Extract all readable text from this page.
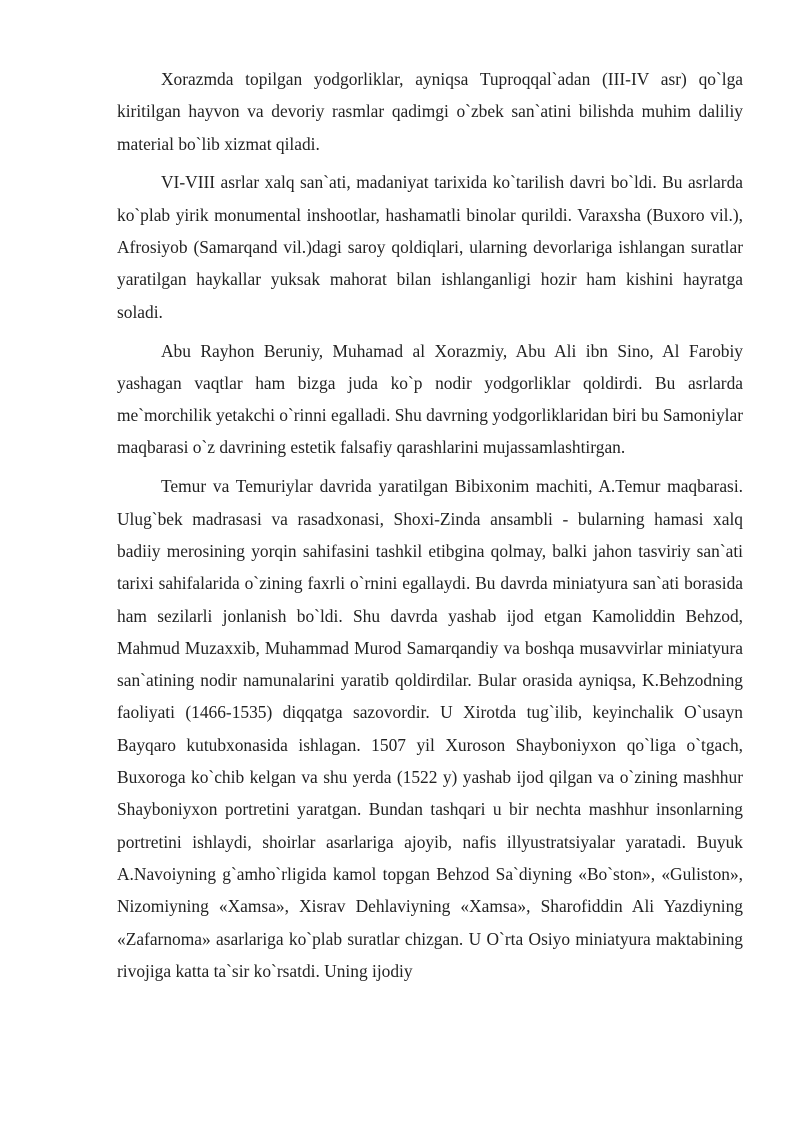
Xorazmda topilgan yodgorliklar, ayniqsa Tuproqqal`adan (III-IV asr) qo`lga kiritilgan hayvon va devoriy rasmlar qadimgi o`zbek san`atini bilishda muhim daliliy material bo`lib xizmat qiladi.

VI-VIII asrlar xalq san`ati, madaniyat tarixida ko`tarilish davri bo`ldi. Bu asrlarda ko`plab yirik monumental inshootlar, hashamatli binolar qurildi. Varaxsha (Buxoro vil.), Afrosiyob (Samarqand vil.)dagi saroy qoldiqlari, ularning devorlariga ishlangan suratlar yaratilgan haykallar yuksak mahorat bilan ishlanganligi hozir ham kishini hayratga soladi.

Abu Rayhon Beruniy, Muhamad al Xorazmiy, Abu Ali ibn Sino, Al Farobiy yashagan vaqtlar ham bizga juda ko`p nodir yodgorliklar qoldirdi. Bu asrlarda me`morchilik yetakchi o`rinni egalladi. Shu davrning yodgorliklaridan biri bu Samoniylar maqbarasi o`z davrining estetik falsafiy qarashlarini mujassamlashtirgan.

Temur va Temuriylar davrida yaratilgan Bibixonim machiti, A.Temur maqbarasi. Ulug`bek madrasasi va rasadxonasi, Shoxi-Zinda ansambli - bularning hamasi xalq badiiy merosining yorqin sahifasini tashkil etibgina qolmay, balki jahon tasviriy san`ati tarixi sahifalarida o`zining faxrli o`rnini egallaydi. Bu davrda miniatyura san`ati borasida ham sezilarli jonlanish bo`ldi. Shu davrda yashab ijod etgan Kamoliddin Behzod, Mahmud Muzaxxib, Muhammad Murod Samarqandiy va boshqa musavvirlar miniatyura san`atining nodir namunalarini yaratib qoldirdilar. Bular orasida ayniqsa, K.Behzodning faoliyati (1466-1535) diqqatga sazovordir. U Xirotda tug`ilib, keyinchalik O`usayn Bayqaro kutubxonasida ishlagan. 1507 yil Xuroson Shayboniyxon qo`liga o`tgach, Buxoroga ko`chib kelgan va shu yerda (1522 y) yashab ijod qilgan va o`zining mashhur Shayboniyxon portretini yaratgan. Bundan tashqari u bir nechta mashhur insonlarning portretini ishlaydi, shoirlar asarlariga ajoyib, nafis illyustratsiyalar yaratadi. Buyuk A.Navoiyning g`amho`rligida kamol topgan Behzod Sa`diyning «Bo`ston», «Guliston», Nizomiyning «Xamsa», Xisrav Dehlaviyning «Xamsa», Sharofiddin Ali Yazdiyning «Zafarnoma» asarlariga ko`plab suratlar chizgan. U O`rta Osiyo miniatyura maktabining rivojiga katta ta`sir ko`rsatdi. Uning ijodiy
